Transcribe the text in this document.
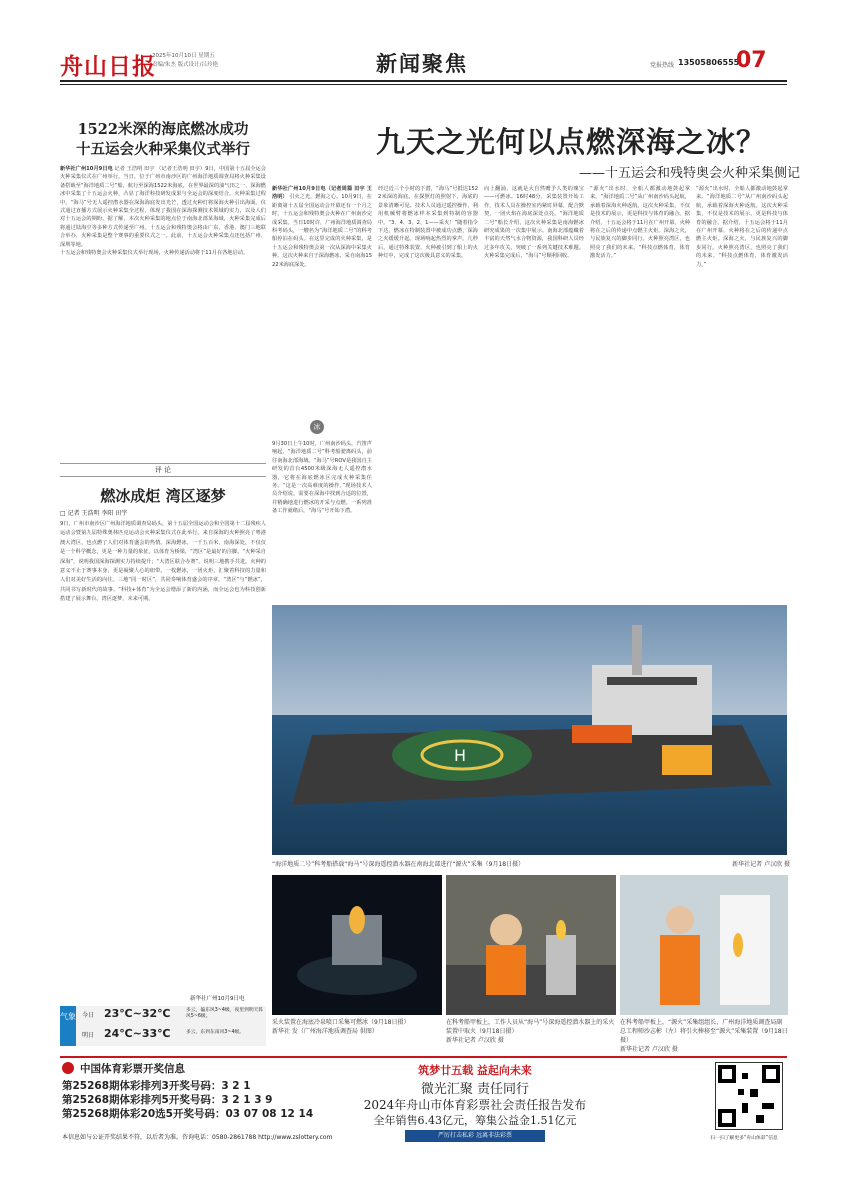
舟山日报
2025年10月10日 星期五
责编/朱杰 版式设计/吕玲艳	新闻聚焦	党报热线 13505806555
07
1522米深的海底燃冰成功
十五运会火种采集仪式举行
新华社广州10月9日电 记者 王浩明 田宇 （记者王浩明 田宇）9日，中国第十五届全运会火种采集仪式在广州举行。当日，位于广州市南沙区的广州海洋地质调查局将火种采集设备搭载至“海洋地质二号”船，航行至深海1522米海底，在世界最深的油气田之一，深海燃冰中采集了十五运会火种，凸显了海洋科技研发成果与全运会的深度结合。火种采集过程中，“海马”号无人遥控潜水器在深海海底发出光芒，透过火种灯将深海火种引出海面。仪式通过直播方式展示火种采集全过程，体现了我国在深海探测技术领域的实力，以及人们对十五运会的期盼。据了解，本次火种采集的地点位于南海北部某海域，火种采集完成后将通过陆海空等多种方式传递至广州。十五运会和残特奥会将由广东、香港、澳门三地联合举办，火种采集是整个赛事的重要仪式之一。此前，十五运会火种采集点还包括广州、深圳等地。
十五运会和残特奥会火种采集仪式举行现场，火种传递活动将于11月在各地启动。
评 论
燃冰成炬 湾区逐梦
□ 记者 王浩明 李阳 田宇
9日，广州市南沙区广州海洋地质调查局码头，第十五届全国运动会和全国第十二届残疾人运动会暨第九届特殊奥林匹克运动会火种采集仪式在此举行。来自深海的火种照亮了粤港澳大湾区，也点燃了人们对体育盛会的热情。深海燃冰，一千五百米，南海深处，不仅仅是一个科学概念，更是一种力量的象征。以体育为桥梁，“湾区”是最好的注脚。“火种采自深海”，说明我国深海探测实力持续提升；“大湾区联合办赛”，说明三地携手共进。火种的意义不止于赛事本身，更是凝聚人心的纽带。一枚燃冰，一团火炬，汇聚着科技的力量和人们对美好生活的向往。三地“同一时区”，共同奏响体育盛会的序章。“湾区”与“燃冰”，共同书写新时代的故事。“科技+体育”为全运会增添了新的内涵，而全运会也为科技创新搭建了展示舞台。湾区逐梦，未来可期。
新华社广州10月9日电
九天之光何以点燃深海之冰？
——十五运会和残特奥会火种采集侧记
新华社广州10月9日电（记者周篇 田宇 王浩明） 引火之光，燃海之心。10月9日，在距离第十五届全国运动会开幕还有一个月之时，十五运会和残特奥会火种在广州南沙完成采集。当日10时许，广州海洋地质调查局科考码头，一艘名为“海洋地质二号”的科考船停泊在码头。在这里完成的火种采集，是十五运会和残特奥会第一次从深海中采集火种。这次火种来自于深海燃冰，采自南海1522米海底深处。
冰
9月30日上午10时，广州南沙码头，汽笛声响起，“海洋地质二号”科考船驶离码头，前往南海北部海域。“海马”号ROV是我国自主研发的首台4500米级深海无人遥控潜水器，它将在海底燃冰区完成火种采集任务。“这是一次高难度的操作。”现场技术人员介绍说，需要在深海中找到合适的位置，并精确地进行燃冰的开采与点燃。一系列准备工作就绪后，“海马”号开始下潜。
经过近三个小时的下潜，“海马”号抵达1522米深的海底。在探照灯的照射下，海底的景象清晰可见。技术人员通过遥控操作，利用机械臂将燃冰样本采集到特制的容器中。“3、4、3、2、1——采火！”随着指令下达，燃冰在特制装置中被成功点燃，深海之火缓缓升起。现场响起热烈的掌声。几秒后，通过特殊装置，火种被引到了船上的火种灯中，完成了这次极具意义的采集。
向上翻涌，这就是大自然赠予人类的瑰宝——可燃冰。16时48分，采集装置开始工作，技术人员在操控室内紧盯屏幕，配合默契，一团火焰在海底深处点亮。“海洋地质二号”船长介绍，这次火种采集是南海燃冰研究成果的一次集中展示。南海北部蕴藏着丰富的天然气水合物资源，我国科研人员经过多年攻关，突破了一系列关键技术难题。火种采集完成后，“海马”号顺利回收。
“源火”出水时，全船人都激动地鼓起掌来。“海洋地质二号”从广州南沙码头起航，承载着深海火种返航。这次火种采集，不仅是技术的展示，更是科技与体育的融合。据介绍，十五运会将于11月在广州开幕，火种将在之后的传递中点燃主火炬。深海之火，与民族复兴的脚步同行。火种照亮湾区，也照亮了我们的未来。“科技点燃体育，体育激发活力。”
“源火”出水时，全船人都激动地鼓起掌来。“海洋地质二号”从广州南沙码头起航，承载着深海火种返航。这次火种采集，不仅是技术的展示，更是科技与体育的融合。据介绍，十五运会将于11月在广州开幕，火种将在之后的传递中点燃主火炬。深海之火，与民族复兴的脚步同行。火种照亮湾区，也照亮了我们的未来。“科技点燃体育，体育激发活力。”
H
“海洋地质二号”科考船搭载“海马”号深海遥控潜水器在南海北部进行“源火”采集（9月18日摄）	新华社记者 卢汉欣 摄
采火装置在海底冷泉喷口采集可燃冰（9月18日摄）
新华社 发（广州海洋地质调查局 供图）
在科考船甲板上，工作人员从“海马”号深海遥控潜水器上的采火装置中取火（9月18日摄）
新华社记者 卢汉欣 摄
在科考船甲板上，“源火”采集组组长、广州海洋地质调查局副总工程师沙志彬（左）将引火棒移至“源火”采集装置（9月18日摄）
新华社记者 卢汉欣 摄
气象 今日 23℃~32℃	多云，偏东风3~4级，夜里到明天阵风5~6级。
明日 24℃~33℃	多云，东到东南风3~4级。
中国体育彩票开奖信息
第25268期体彩排列3开奖号码：3 2 1
第25268期体彩排列5开奖号码：3 2 1 3 9
第25268期体彩20选5开奖号码：03 07 08 12 14
本信息如与公证开奖结果不符，以后者为准。咨询电话：0580-2861788 http://www.zslottery.com
筑梦廿五载 益起向未来
微光汇聚 责任同行
2024年舟山市体育彩票社会责任报告发布
全年销售6.43亿元，筹集公益金1.51亿元
严厉打击私彩 远离非法彩票	扫一扫了解更多“舟山体彩”信息
